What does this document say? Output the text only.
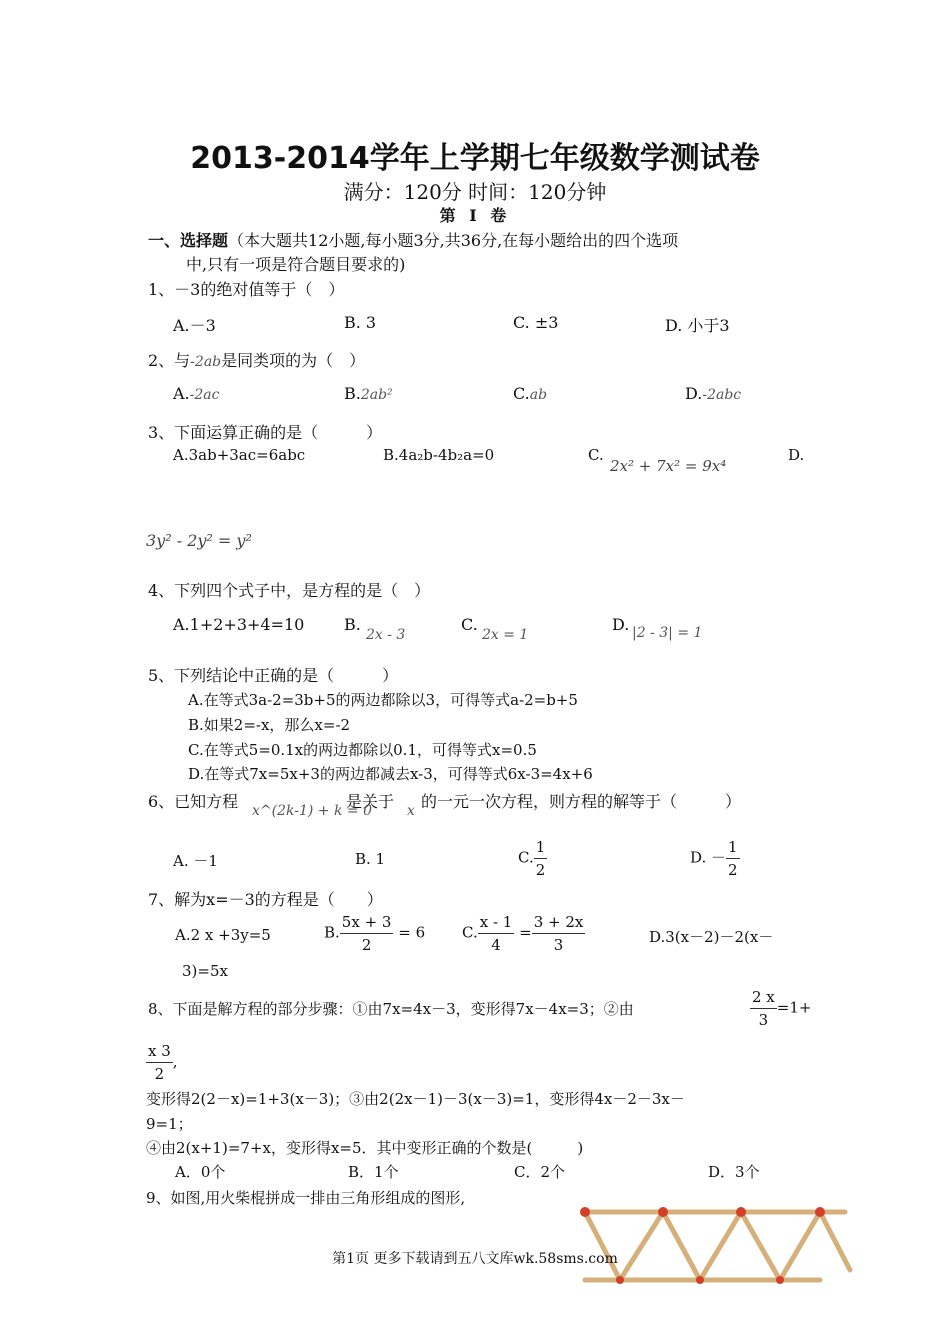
2013-2014学年上学期七年级数学测试卷
满分：120分 时间：120分钟
第 Ⅰ 卷
一、选择题（本大题共12小题,每小题3分,共36分,在每小题给出的四个选项
中,只有一项是符合题目要求的)
1、－3的绝对值等于（　）
A.－3	B. 3	C. ±3	D. 小于3
2、与-2ab是同类项的为（　）
A.-2ac	B.2ab²	C.ab	D.-2abc
3、下面运算正确的是（　　　）
A.3ab+3ac=6abc	B.4a₂b-4b₂a=0	C.
2x² + 7x² = 9x⁴
D.
3y² - 2y² = y²
4、下列四个式子中，是方程的是（　）
A.1+2+3+4=10 B.
2x - 3
C.
2x = 1
D. |2 - 3| = 1
5、下列结论中正确的是（　　　）
A.在等式3a-2=3b+5的两边都除以3，可得等式a-2=b+5
B.如果2=-x，那么x=-2
C.在等式5=0.1x的两边都除以0.1，可得等式x=0.5
D.在等式7x=5x+3的两边都减去x-3，可得等式6x-3=4x+6
6、已知方程 x^(2k-1) + k = 0
是关于 x 的一元一次方程，则方程的解等于（　　　）
A. －1	B. 1	C. $\frac{1}{2}$	D. － $\frac{1}{2}$
7、解为x=－3的方程是（　　）
A.2 x +3y=5	B. $\frac{5x + 3}{2} = 6$ C. $\frac{x - 1}{4} = \frac{3 + 2x}{3}$	D.3(x－2)－2(x－
3)=5x
8、下面是解方程的部分步骤：①由7x=4x－3，变形得7x－4x=3；②由	$\frac{2 x}{3} =1+$
$\frac{x 3}{2}$ ,
变形得2(2－x)=1+3(x－3)；③由2(2x－1)－3(x－3)=1，变形得4x－2－3x－
9=1；
④由2(x+1)=7+x，变形得x=5．其中变形正确的个数是(　　　)
A．0个	B．1个	C．2个	D．3个
9、如图,用火柴棍拼成一排由三角形组成的图形,
第1页 更多下载请到五八文库wk.58sms.com
